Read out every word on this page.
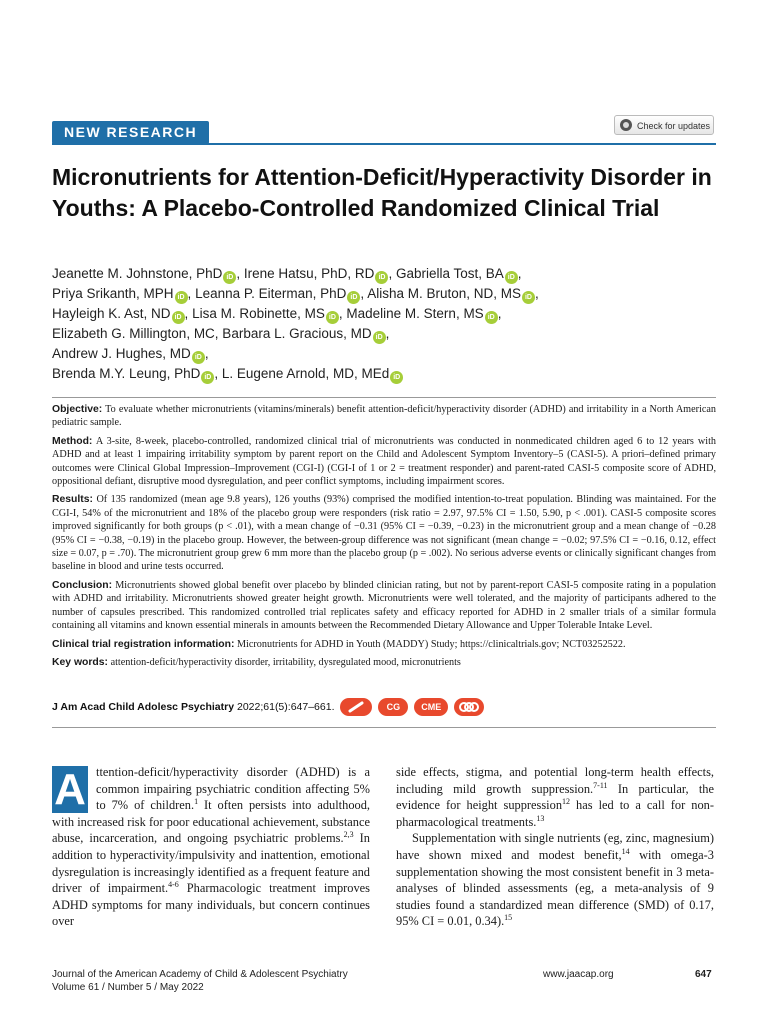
NEW RESEARCH	Check for updates
Micronutrients for Attention-Deficit/Hyperactivity Disorder in Youths: A Placebo-Controlled Randomized Clinical Trial
Jeanette M. Johnstone, PhD iD , Irene Hatsu, PhD, RD iD , Gabriella Tost, BA iD ,
Priya Srikanth, MPH iD , Leanna P. Eiterman, PhD iD , Alisha M. Bruton, ND, MS iD ,
Hayleigh K. Ast, ND iD , Lisa M. Robinette, MS iD , Madeline M. Stern, MS iD ,
Elizabeth G. Millington, MC, Barbara L. Gracious, MD iD ,
Andrew J. Hughes, MD iD ,
Brenda M.Y. Leung, PhD iD , L. Eugene Arnold, MD, MEd iD

Objective: To evaluate whether micronutrients (vitamins/minerals) benefit attention-deficit/hyperactivity disorder (ADHD) and irritability in a North American pediatric sample.

Method: A 3-site, 8-week, placebo-controlled, randomized clinical trial of micronutrients was conducted in nonmedicated children aged 6 to 12 years with ADHD and at least 1 impairing irritability symptom by parent report on the Child and Adolescent Symptom Inventory–5 (CASI-5). A priori–defined primary outcomes were Clinical Global Impression–Improvement (CGI-I) (CGI-I of 1 or 2 = treatment responder) and parent-rated CASI-5 composite score of ADHD, oppositional defiant, disruptive mood dysregulation, and peer conflict symptoms, including impairment scores.

Results: Of 135 randomized (mean age 9.8 years), 126 youths (93%) comprised the modified intention-to-treat population. Blinding was maintained. For the CGI-I, 54% of the micronutrient and 18% of the placebo group were responders (risk ratio = 2.97, 97.5% CI = 1.50, 5.90, p < .001). CASI-5 composite scores improved significantly for both groups (p < .01), with a mean change of −0.31 (95% CI = −0.39, −0.23) in the micronutrient group and a mean change of −0.28 (95% CI = −0.38, −0.19) in the placebo group. However, the between-group difference was not significant (mean change = −0.02; 97.5% CI = −0.16, 0.12, effect size = 0.07, p = .70). The micronutrient group grew 6 mm more than the placebo group (p = .002). No serious adverse events or clinically significant changes from baseline in blood and urine tests occurred.

Conclusion: Micronutrients showed global benefit over placebo by blinded clinician rating, but not by parent-report CASI-5 composite rating in a population with ADHD and irritability. Micronutrients showed greater height growth. Micronutrients were well tolerated, and the majority of participants adhered to the number of capsules prescribed. This randomized controlled trial replicates safety and efficacy reported for ADHD in 2 smaller trials of a similar formula containing all vitamins and known essential minerals in amounts between the Recommended Dietary Allowance and Upper Tolerable Intake Level.

Clinical trial registration information: Micronutrients for ADHD in Youth (MADDY) Study; https://clinicaltrials.gov; NCT03252522.

Key words: attention-deficit/hyperactivity disorder, irritability, dysregulated mood, micronutrients

J Am Acad Child Adolesc Psychiatry 2022;61(5):647–661.	CG CME

A ttention-deficit/hyperactivity disorder (ADHD) is a common impairing psychiatric condition affecting 5% to 7% of children.$^1$ It often persists into adulthood, with increased risk for poor educational achievement, substance abuse, incarceration, and ongoing psychiatric problems.$^{2,3}$ In addition to hyperactivity/impulsivity and inattention, emotional dysregulation is increasingly identified as a frequent feature and driver of impairment.$^{4-6}$ Pharmacologic treatment improves ADHD symptoms for many individuals, but concern continues over

side effects, stigma, and potential long-term health effects, including mild growth suppression.$^{7-11}$ In particular, the evidence for height suppression$^{12}$ has led to a call for non-pharmacological treatments.$^{13}$

Supplementation with single nutrients (eg, zinc, magnesium) have shown mixed and modest benefit,$^{14}$ with omega-3 supplementation showing the most consistent benefit in 3 meta-analyses of blinded assessments (eg, a meta-analysis of 9 studies found a standardized mean difference (SMD) of 0.17, 95% CI = 0.01, 0.34).$^{15}$

Journal of the American Academy of Child & Adolescent Psychiatry
Volume 61 / Number 5 / May 2022
www.jaacap.org	647
